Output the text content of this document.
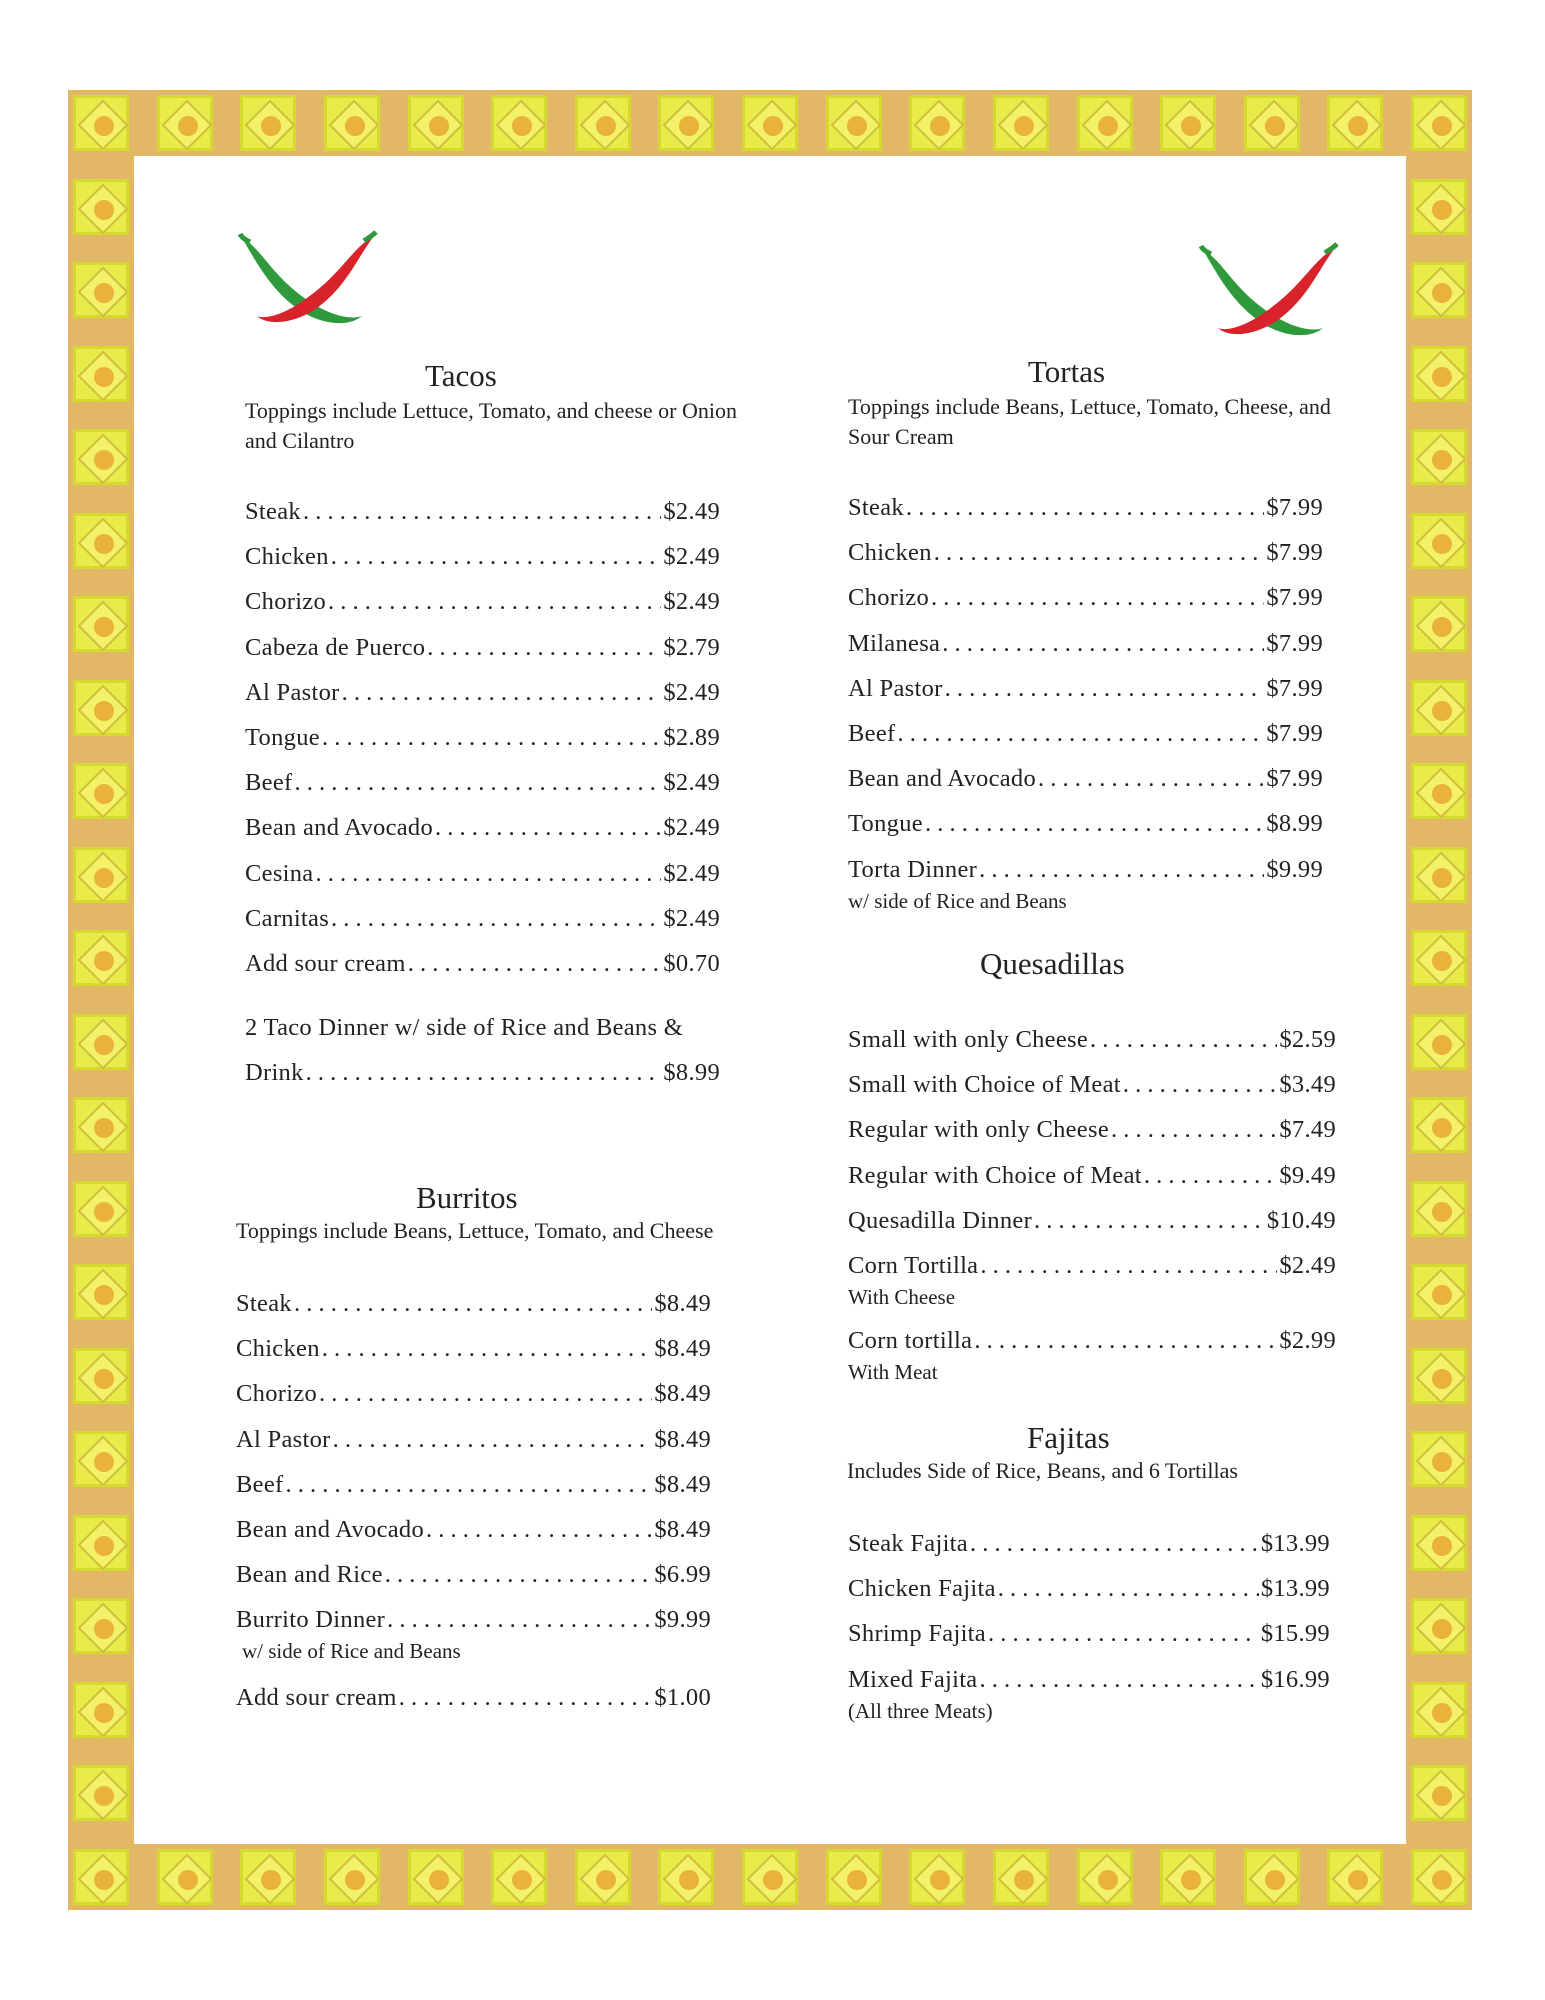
Tacos
Toppings include Lettuce, Tomato, and cheese or Onion and Cilantro
Steak . . .	$2.49
Chicken . . .	$2.49
Chorizo . . .	$2.49
Cabeza de Puerco . . .	$2.79
Al Pastor . . .	$2.49
Tongue . . .	$2.89
Beef . . .	$2.49
Bean and Avocado . . .	$2.49
Cesina . . .	$2.49
Carnitas . . .	$2.49
Add sour cream . . .	$0.70
2 Taco Dinner w/ side of Rice and Beans &
Drink . . .	$8.99
Burritos
Toppings include Beans, Lettuce, Tomato, and Cheese
Steak . . .	$8.49
Chicken . . .	$8.49
Chorizo . . .	$8.49
Al Pastor . . .	$8.49
Beef . . .	$8.49
Bean and Avocado . . .	$8.49
Bean and Rice . . .	$6.99
Burrito Dinner . . .	$9.99
w/ side of Rice and Beans
Add sour cream . . .	$1.00
Tortas
Toppings include Beans, Lettuce, Tomato, Cheese, and Sour Cream
Steak . . .	$7.99
Chicken . . .	$7.99
Chorizo . . .	$7.99
Milanesa . . .	$7.99
Al Pastor . . .	$7.99
Beef . . .	$7.99
Bean and Avocado . . .	$7.99
Tongue . . .	$8.99
Torta Dinner . . .	$9.99
w/ side of Rice and Beans
Quesadillas
Small with only Cheese . . .	$2.59
Small with Choice of Meat . . .	$3.49
Regular with only Cheese . . .	$7.49
Regular with Choice of Meat . . .	$9.49
Quesadilla Dinner . . .	$10.49
Corn Tortilla . . .	$2.49
With Cheese
Corn tortilla . . .	$2.99
With Meat
Fajitas
Includes Side of Rice, Beans, and 6 Tortillas
Steak Fajita . . .	$13.99
Chicken Fajita . . .	$13.99
Shrimp Fajita . . .	$15.99
Mixed Fajita . . .	$16.99
(All three Meats)
